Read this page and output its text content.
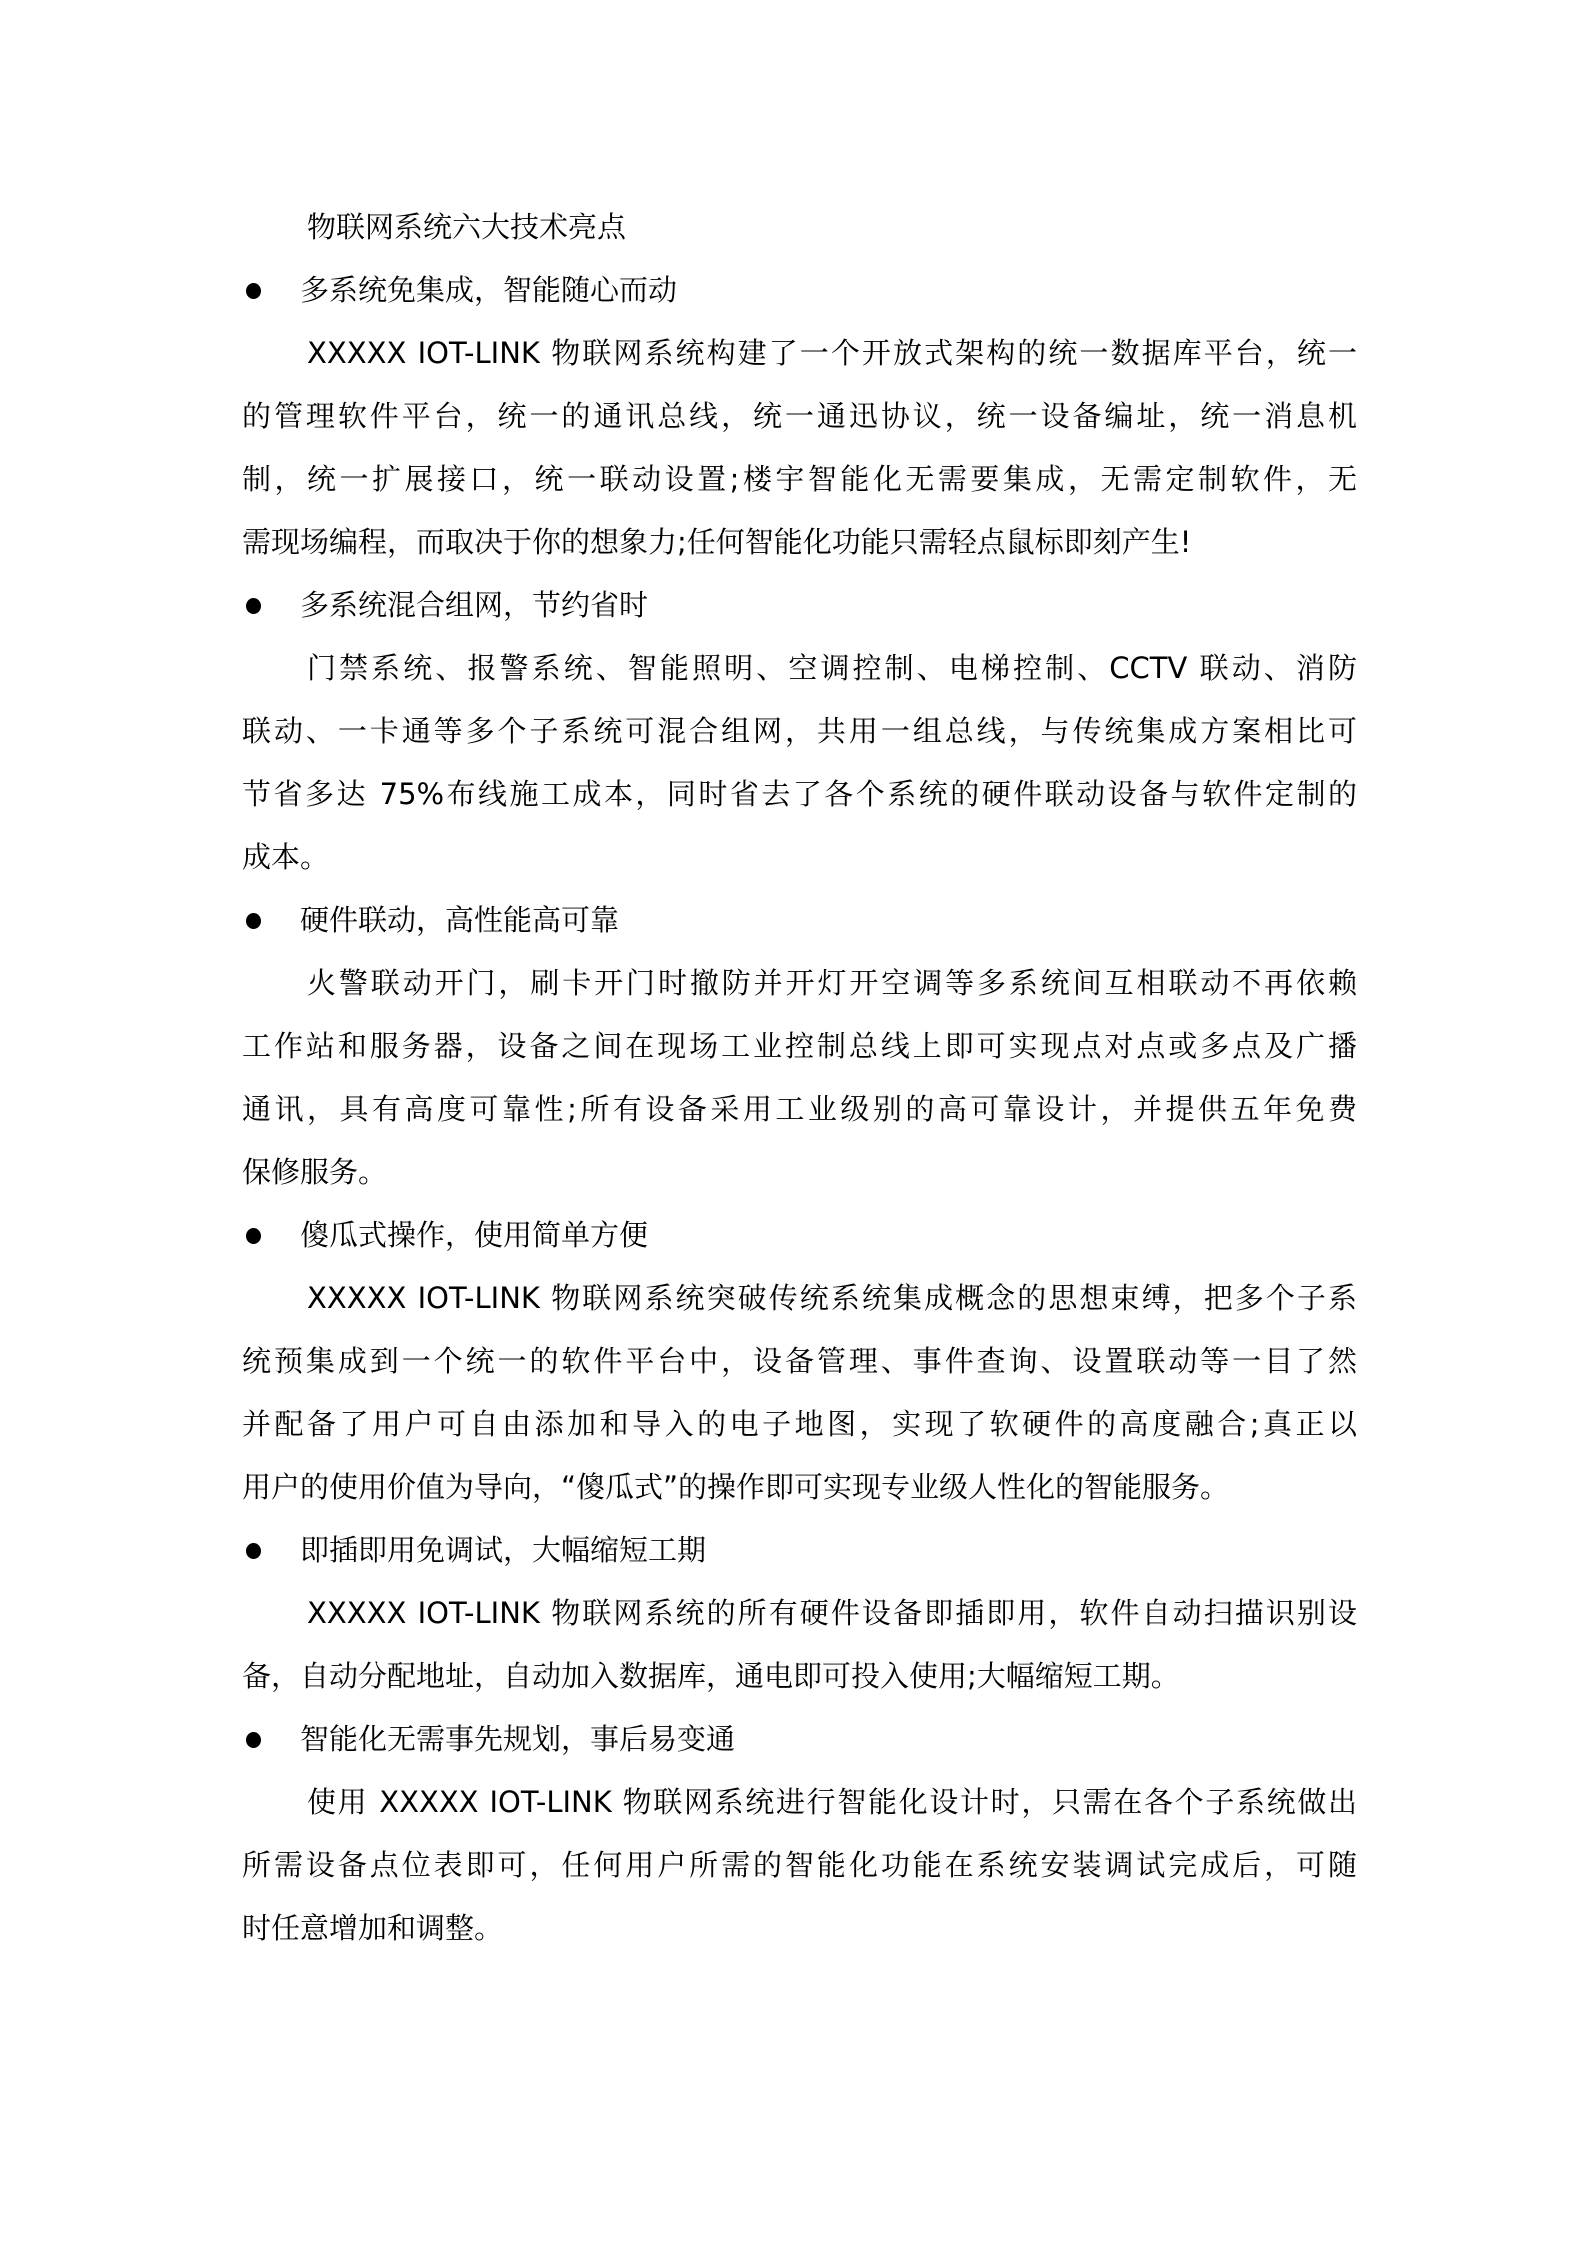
物联网系统六大技术亮点
多系统免集成，智能随心而动
XXXXX IOT-LINK 物联网系统构建了一个开放式架构的统一数据库平台，统一
的管理软件平台，统一的通讯总线，统一通迅协议，统一设备编址，统一消息机
制，统一扩展接口，统一联动设置;楼宇智能化无需要集成，无需定制软件，无
需现场编程，而取决于你的想象力;任何智能化功能只需轻点鼠标即刻产生!
多系统混合组网，节约省时
门禁系统、报警系统、智能照明、空调控制、电梯控制、CCTV 联动、消防
联动、一卡通等多个子系统可混合组网，共用一组总线，与传统集成方案相比可
节省多达 75%布线施工成本，同时省去了各个系统的硬件联动设备与软件定制的
成本。
硬件联动，高性能高可靠
火警联动开门，刷卡开门时撤防并开灯开空调等多系统间互相联动不再依赖
工作站和服务器，设备之间在现场工业控制总线上即可实现点对点或多点及广播
通讯，具有高度可靠性;所有设备采用工业级别的高可靠设计，并提供五年免费
保修服务。
傻瓜式操作，使用简单方便
XXXXX IOT-LINK 物联网系统突破传统系统集成概念的思想束缚，把多个子系
统预集成到一个统一的软件平台中，设备管理、事件查询、设置联动等一目了然
并配备了用户可自由添加和导入的电子地图，实现了软硬件的高度融合;真正以
用户的使用价值为导向，“傻瓜式”的操作即可实现专业级人性化的智能服务。
即插即用免调试，大幅缩短工期
XXXXX IOT-LINK 物联网系统的所有硬件设备即插即用，软件自动扫描识别设
备，自动分配地址，自动加入数据库，通电即可投入使用;大幅缩短工期。
智能化无需事先规划，事后易变通
使用 XXXXX IOT-LINK 物联网系统进行智能化设计时，只需在各个子系统做出
所需设备点位表即可，任何用户所需的智能化功能在系统安装调试完成后，可随
时任意增加和调整。
